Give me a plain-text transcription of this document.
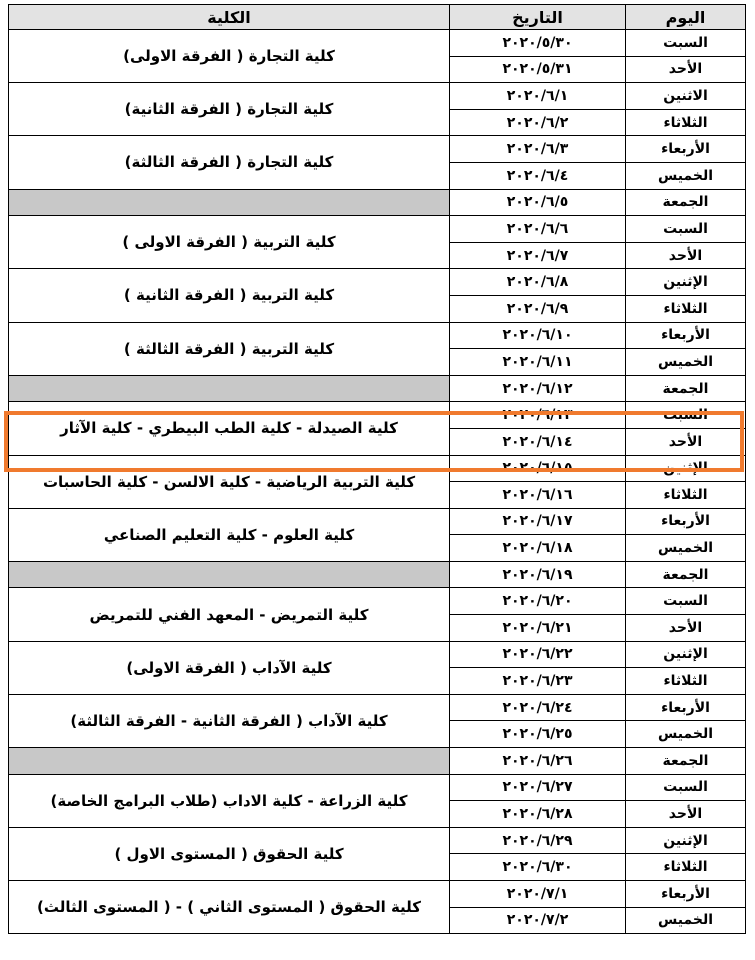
اليوم	التاريخ	الكلية
السبت	٢٠٢٠/٥/٣٠	كلية التجارة ( الفرقة الاولى)
الأحد	٢٠٢٠/٥/٣١	
الاثنين	٢٠٢٠/٦/١	كلية التجارة ( الفرقة الثانية)
الثلاثاء	٢٠٢٠/٦/٢	
الأربعاء	٢٠٢٠/٦/٣	كلية التجارة ( الفرقة الثالثة)
الخميس	٢٠٢٠/٦/٤	
الجمعة	٢٠٢٠/٦/٥	
السبت	٢٠٢٠/٦/٦	كلية التربية ( الفرقة الاولى )
الأحد	٢٠٢٠/٦/٧	
الإثنين	٢٠٢٠/٦/٨	كلية التربية ( الفرقة الثانية )
الثلاثاء	٢٠٢٠/٦/٩	
الأربعاء	٢٠٢٠/٦/١٠	كلية التربية ( الفرقة الثالثة )
الخميس	٢٠٢٠/٦/١١	
الجمعة	٢٠٢٠/٦/١٢	
السبت	٢٠٢٠/٦/١٣	كلية الصيدلة - كلية الطب البيطري - كلية الآثار
الأحد	٢٠٢٠/٦/١٤	
الإثنين	٢٠٢٠/٦/١٥	كلية التربية الرياضية - كلية الالسن - كلية الحاسبات
الثلاثاء	٢٠٢٠/٦/١٦	
الأربعاء	٢٠٢٠/٦/١٧	كلية العلوم - كلية التعليم الصناعي
الخميس	٢٠٢٠/٦/١٨	
الجمعة	٢٠٢٠/٦/١٩	
السبت	٢٠٢٠/٦/٢٠	كلية التمريض - المعهد الفني للتمريض
الأحد	٢٠٢٠/٦/٢١	
الإثنين	٢٠٢٠/٦/٢٢	كلية الآداب ( الفرقة الاولى)
الثلاثاء	٢٠٢٠/٦/٢٣	
الأربعاء	٢٠٢٠/٦/٢٤	كلية الآداب ( الفرقة الثانية - الفرقة الثالثة)
الخميس	٢٠٢٠/٦/٢٥	
الجمعة	٢٠٢٠/٦/٢٦	
السبت	٢٠٢٠/٦/٢٧	كلية الزراعة - كلية الاداب (طلاب البرامج الخاصة)
الأحد	٢٠٢٠/٦/٢٨	
الإثنين	٢٠٢٠/٦/٢٩	كلية الحقوق ( المستوى الاول )
الثلاثاء	٢٠٢٠/٦/٣٠	
الأربعاء	٢٠٢٠/٧/١	كلية الحقوق ( المستوى الثاني ) - ( المستوى الثالث)
الخميس	٢٠٢٠/٧/٢	
